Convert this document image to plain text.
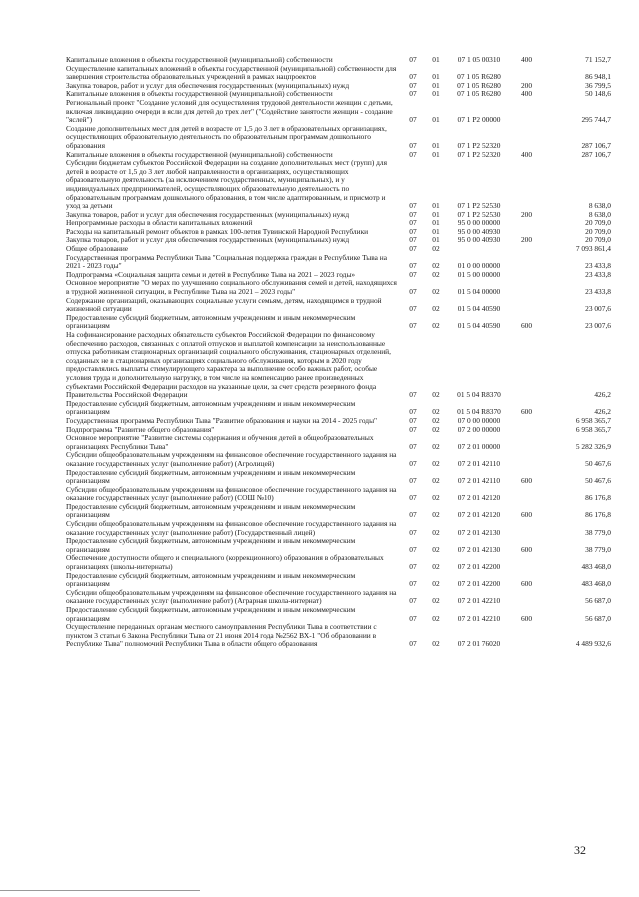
Капитальные вложения в объекты государственной (муниципальной) собственности	07	01	07 1 05 00310	400	71 152,7
Осуществление капитальных вложений в объекты государственной (муниципальной) собственности для завершения строительства образовательных учреждений в рамках нацпроектов	07	01	07 1 05 R6280		86 948,1
Закупка товаров, работ и услуг для обеспечения государственных (муниципальных) нужд	07	01	07 1 05 R6280	200	36 799,5
Капитальные вложения в объекты государственной (муниципальной) собственности	07	01	07 1 05 R6280	400	50 148,6
Региональный проект "Создание условий для осуществления трудовой деятельности женщин с детьми, включая ликвидацию очереди в ясли для детей до трех лет" ("Содействие занятости женщин - создание "яслей")	07	01	07 1 P2 00000		295 744,7
Создание дополнительных мест для детей в возрасте от 1,5 до 3 лет в образовательных организациях, осуществляющих образовательную деятельность по образовательным программам дошкольного образования	07	01	07 1 P2 52320		287 106,7
Капитальные вложения в объекты государственной (муниципальной) собственности	07	01	07 1 P2 52320	400	287 106,7
Субсидии бюджетам субъектов Российской Федерации на создание дополнительных мест (групп) для детей в возрасте от 1,5 до 3 лет любой направленности в организациях, осуществляющих образовательную деятельность (за исключением государственных, муниципальных), и у индивидуальных предпринимателей, осуществляющих образовательную деятельность по образовательным программам дошкольного образования, в том числе адаптированным, и присмотр и уход за детьми	07	01	07 1 P2 52530		8 638,0
Закупка товаров, работ и услуг для обеспечения государственных (муниципальных) нужд	07	01	07 1 P2 52530	200	8 638,0
Непрограммные расходы в области капитальных вложений	07	01	95 0 00 00000		20 709,0
Расходы на капитальный ремонт объектов в рамках 100-летия Тувинской Народной Республики	07	01	95 0 00 40930		20 709,0
Закупка товаров, работ и услуг для обеспечения государственных (муниципальных) нужд	07	01	95 0 00 40930	200	20 709,0
Общее образование	07	02			7 093 861,4
Государственная программа Республики Тыва "Социальная поддержка граждан в Республике Тыва на 2021 - 2023 годы"	07	02	01 0 00 00000		23 433,8
Подпрограмма «Социальная защита семьи и детей в Республике Тыва на 2021 – 2023 годы»	07	02	01 5 00 00000		23 433,8
Основное мероприятие "О мерах по улучшению социального обслуживания семей и детей, находящихся в трудной жизненной ситуации, в Республике Тыва на 2021 – 2023 годы"	07	02	01 5 04 00000		23 433,8
Содержание организаций, оказывающих социальные услуги семьям, детям, находящимся в трудной жизненной ситуации	07	02	01 5 04 40590		23 007,6
Предоставление субсидий бюджетным, автономным учреждениям и иным некоммерческим организациям	07	02	01 5 04 40590	600	23 007,6
На софинансирование расходных обязательств субъектов Российской Федерации по финансовому обеспечению расходов, связанных с оплатой отпусков и выплатой компенсации за неиспользованные отпуска работникам стационарных организаций социального обслуживания, стационарных отделений, созданных не в стационарных организациях социального обслуживания, которым в 2020 году предоставлялись выплаты стимулирующего характера за выполнение особо важных работ, особые условия труда и дополнительную нагрузку, в том числе на компенсацию ранее произведенных субъектами Российской Федерации расходов на указанные цели, за счет средств резервного фонда Правительства Российской Федерации	07	02	01 5 04 R8370		426,2
Предоставление субсидий бюджетным, автономным учреждениям и иным некоммерческим организациям	07	02	01 5 04 R8370	600	426,2
Государственная программа Республики Тыва "Развитие образования и науки на 2014 - 2025 годы"	07	02	07 0 00 00000		6 958 365,7
Подпрограмма "Развитие общего образования"	07	02	07 2 00 00000		6 958 365,7
Основное мероприятие "Развитие системы содержания и обучения детей в общеобразовательных организациях Республики Тыва"	07	02	07 2 01 00000		5 282 326,9
Субсидии общеобразовательным учреждениям на финансовое обеспечение государственного задания на оказание государственных услуг (выполнение работ) (Агролицей)	07	02	07 2 01 42110		50 467,6
Предоставление субсидий бюджетным, автономным учреждениям и иным некоммерческим организациям	07	02	07 2 01 42110	600	50 467,6
Субсидии общеобразовательным учреждениям на финансовое обеспечение государственного задания на оказание государственных услуг (выполнение работ) (СОШ №10)	07	02	07 2 01 42120		86 176,8
Предоставление субсидий бюджетным, автономным учреждениям и иным некоммерческим организациям	07	02	07 2 01 42120	600	86 176,8
Субсидии общеобразовательным учреждениям на финансовое обеспечение государственного задания на оказание государственных услуг (выполнение работ) (Государственный лицей)	07	02	07 2 01 42130		38 779,0
Предоставление субсидий бюджетным, автономным учреждениям и иным некоммерческим организациям	07	02	07 2 01 42130	600	38 779,0
Обеспечение доступности общего и специального (коррекционного) образования в образовательных организациях (школы-интернаты)	07	02	07 2 01 42200		483 468,0
Предоставление субсидий бюджетным, автономным учреждениям и иным некоммерческим организациям	07	02	07 2 01 42200	600	483 468,0
Субсидии общеобразовательным учреждениям на финансовое обеспечение государственного задания на оказание государственных услуг (выполнение работ) (Аграрная школа-интернат)	07	02	07 2 01 42210		56 687,0
Предоставление субсидий бюджетным, автономным учреждениям и иным некоммерческим организациям	07	02	07 2 01 42210	600	56 687,0
Осуществление переданных органам местного самоуправления Республики Тыва в соответствии с пунктом 3 статьи 6 Закона Республики Тыва от 21 июня 2014 года №2562 ВХ-1 "Об образовании в Республике Тыва" полномочий Республики Тыва в области общего образования	07	02	07 2 01 76020		4 489 932,6
32
